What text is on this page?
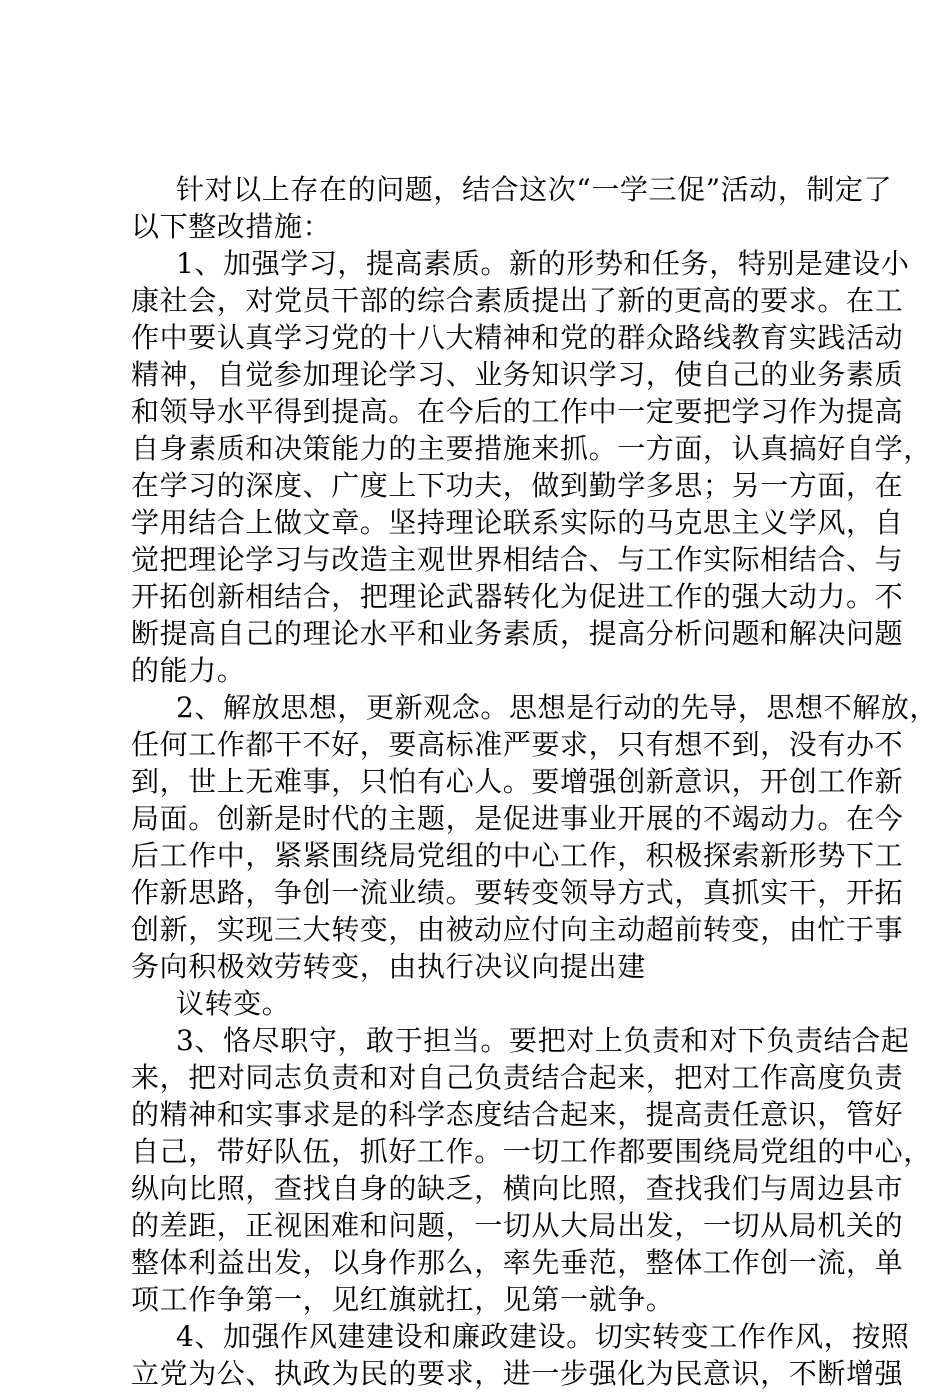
针对以上存在的问题，结合这次“一学三促”活动，制定了
以下整改措施：
1、加强学习，提高素质。新的形势和任务，特别是建设小
康社会，对党员干部的综合素质提出了新的更高的要求。在工
作中要认真学习党的十八大精神和党的群众路线教育实践活动
精神，自觉参加理论学习、业务知识学习，使自己的业务素质
和领导水平得到提高。在今后的工作中一定要把学习作为提高
自身素质和决策能力的主要措施来抓。一方面，认真搞好自学，
在学习的深度、广度上下功夫，做到勤学多思；另一方面，在
学用结合上做文章。坚持理论联系实际的马克思主义学风，自
觉把理论学习与改造主观世界相结合、与工作实际相结合、与
开拓创新相结合，把理论武器转化为促进工作的强大动力。不
断提高自己的理论水平和业务素质，提高分析问题和解决问题
的能力。
2、解放思想，更新观念。思想是行动的先导，思想不解放，
任何工作都干不好，要高标准严要求，只有想不到，没有办不
到，世上无难事，只怕有心人。要增强创新意识，开创工作新
局面。创新是时代的主题，是促进事业开展的不竭动力。在今
后工作中，紧紧围绕局党组的中心工作，积极探索新形势下工
作新思路，争创一流业绩。要转变领导方式，真抓实干，开拓
创新，实现三大转变，由被动应付向主动超前转变，由忙于事
务向积极效劳转变，由执行决议向提出建
议转变。
3、恪尽职守，敢于担当。要把对上负责和对下负责结合起
来，把对同志负责和对自己负责结合起来，把对工作高度负责
的精神和实事求是的科学态度结合起来，提高责任意识，管好
自己，带好队伍，抓好工作。一切工作都要围绕局党组的中心，
纵向比照，查找自身的缺乏，横向比照，查找我们与周边县市
的差距，正视困难和问题，一切从大局出发，一切从局机关的
整体利益出发，以身作那么，率先垂范，整体工作创一流，单
项工作争第一，见红旗就扛，见第一就争。
4、加强作风建建设和廉政建设。切实转变工作作风，按照
立党为公、执政为民的要求，进一步强化为民意识，不断增强
